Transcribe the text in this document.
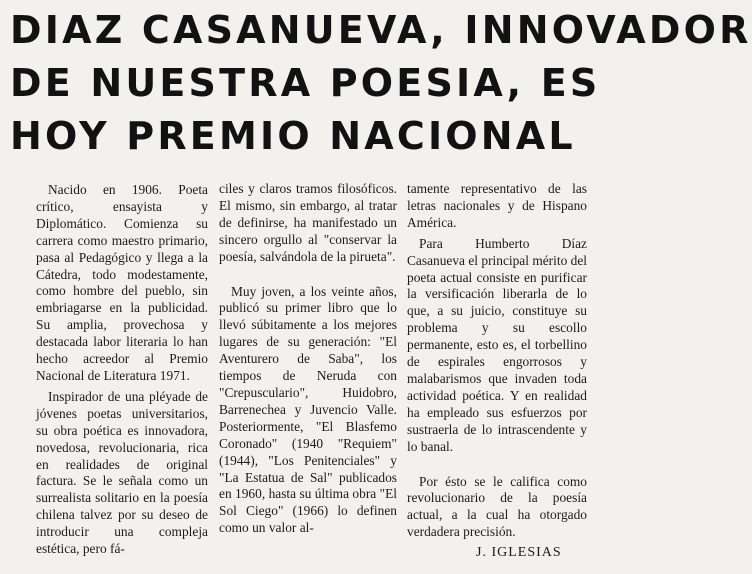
DIAZ CASANUEVA, INNOVADOR
DE NUESTRA POESIA, ES
HOY PREMIO NACIONAL

Nacido en 1906. Poeta crítico, ensayista y Diplomático. Comienza su carrera como maestro primario, pasa al Pedagógico y llega a la Cátedra, todo modestamente, como hombre del pueblo, sin embriagarse en la publicidad. Su amplia, provechosa y destacada labor literaria lo han hecho acreedor al Premio Nacional de Literatura 1971.

Inspirador de una pléyade de jóvenes poetas universitarios, su obra poética es innovadora, novedosa, revolucionaria, rica en realidades de original factura. Se le señala como un surrealista solitario en la poesía chilena talvez por su deseo de introducir una compleja estética, pero fá-

ciles y claros tramos filosóficos. El mismo, sin embargo, al tratar de definirse, ha manifestado un sincero orgullo al "conservar la poesía, salvándola de la pirueta".

Muy joven, a los veinte años, publicó su primer libro que lo llevó súbitamente a los mejores lugares de su generación: "El Aventurero de Saba", los tiempos de Neruda con "Crepusculario", Huidobro, Barrenechea y Juvencio Valle. Posteriormente, "El Blasfemo Coronado" (1940 "Requiem" (1944), "Los Penitenciales" y "La Estatua de Sal" publicados en 1960, hasta su última obra "El Sol Ciego" (1966) lo definen como un valor al-

tamente representativo de las letras nacionales y de Hispano América.

Para Humberto Díaz Casanueva el principal mérito del poeta actual consiste en purificar la versificación liberarla de lo que, a su juicio, constituye su problema y su escollo permanente, esto es, el torbellino de espirales engorrosos y malabarismos que invaden toda actividad poética. Y en realidad ha empleado sus esfuerzos por sustraerla de lo intrascendente y lo banal.

Por ésto se le califica como revolucionario de la poesía actual, a la cual ha otorgado verdadera precisión.

J. IGLESIAS
